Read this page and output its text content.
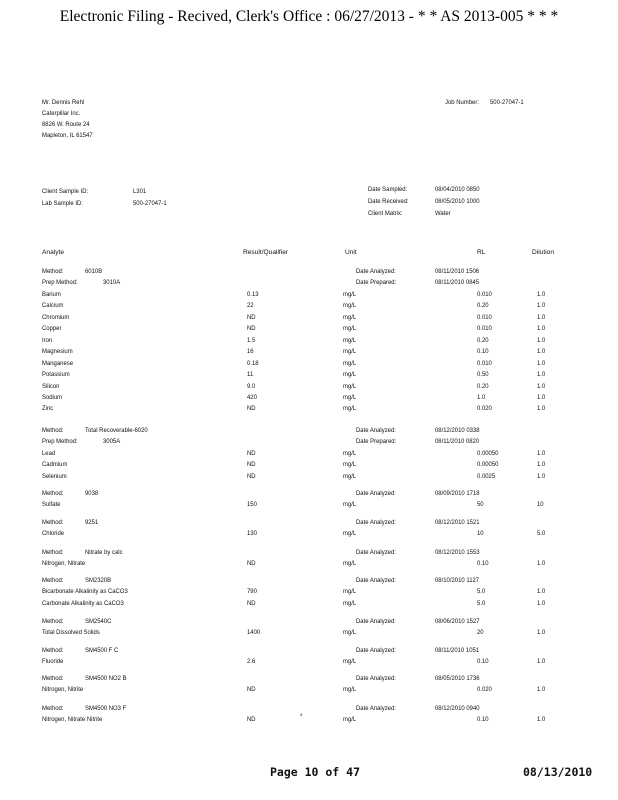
Electronic Filing - Recived, Clerk's Office : 06/27/2013 - * * AS 2013-005 * * *
Mr. Dennis Rehl
Caterpillar Inc.
8826 W. Route 24
Mapleton, IL 61547
Job Number: 500-27047-1
Client Sample ID:	L301
Lab Sample ID:	500-27047-1
Date Sampled:	08/04/2010 0850
Date Received:	08/05/2010 1000
Client Matrix:	Water
Analyte	Result/Qualifier	Unit	RL	Dilution
Method:	6010B	Date Analyzed:	08/11/2010 1506
Prep Method:	3010A	Date Prepared:	08/11/2010 0845
Barium	0.13	mg/L	0.010	1.0
Calcium	22	mg/L	0.20	1.0
Chromium	ND	mg/L	0.010	1.0
Copper	ND	mg/L	0.010	1.0
Iron	1.5	mg/L	0.20	1.0
Magnesium	16	mg/L	0.10	1.0
Manganese	0.18	mg/L	0.010	1.0
Potassium	11	mg/L	0.50	1.0
Silicon	9.0	mg/L	0.20	1.0
Sodium	420	mg/L	1.0	1.0
Zinc	ND	mg/L	0.020	1.0
Method:	Total Recoverable-6020	Date Analyzed:	08/12/2010 0338
Prep Method:	3005A	Date Prepared:	08/11/2010 0820
Lead	ND	mg/L	0.00050	1.0
Cadmium	ND	mg/L	0.00050	1.0
Selenium	ND	mg/L	0.0025	1.0
Method:	9038	Date Analyzed:	08/09/2010 1718
Sulfate	150	mg/L	50	10
Method:	9251	Date Analyzed:	08/12/2010 1521
Chloride	130	mg/L	10	5.0
Method:	Nitrate by calc	Date Analyzed:	08/12/2010 1553
Nitrogen, Nitrate	ND	mg/L	0.10	1.0
Method:	SM2320B	Date Analyzed:	08/10/2010 1127
Bicarbonate Alkalinity as CaCO3	790	mg/L	5.0	1.0
Carbonate Alkalinity as CaCO3	ND	mg/L	5.0	1.0
Method:	SM2540C	Date Analyzed:	08/06/2010 1527
Total Dissolved Solids	1400	mg/L	20	1.0
Method:	SM4500 F C	Date Analyzed:	08/11/2010 1051
Fluoride	2.6	mg/L	0.10	1.0
Method:	SM4500 NO2 B	Date Analyzed:	08/05/2010 1736
Nitrogen, Nitrite	ND	mg/L	0.020	1.0
Method:	SM4500 NO3 F	Date Analyzed:	08/12/2010 0940
Nitrogen, Nitrate Nitrite	ND	*	mg/L	0.10	1.0
Page 10 of 47	08/13/2010
